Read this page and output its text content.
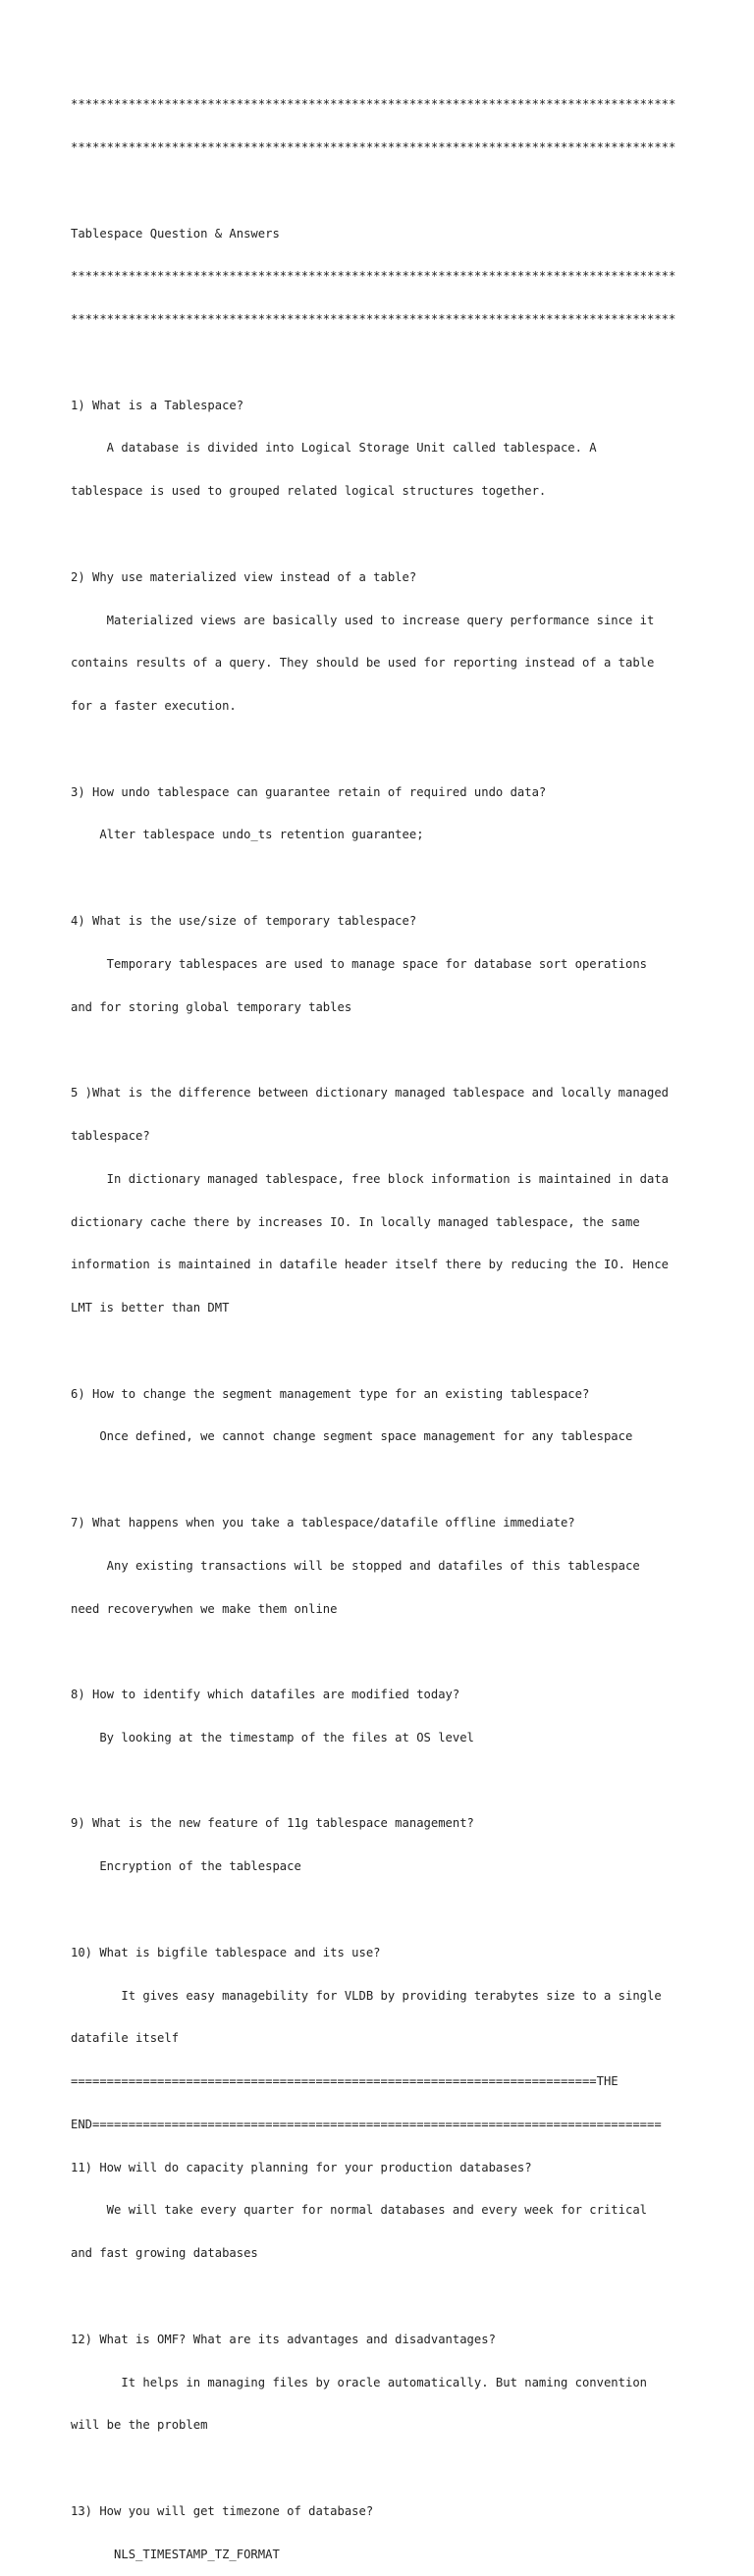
************************************************************************************

************************************************************************************

Tablespace Question & Answers

************************************************************************************

************************************************************************************

1) What is a Tablespace?

A database is divided into Logical Storage Unit called tablespace. A

tablespace is used to grouped related logical structures together.

2) Why use materialized view instead of a table?

Materialized views are basically used to increase query performance since it

contains results of a query. They should be used for reporting instead of a table

for a faster execution.

3) How undo tablespace can guarantee retain of required undo data?

Alter tablespace undo_ts retention guarantee;

4) What is the use/size of temporary tablespace?

Temporary tablespaces are used to manage space for database sort operations

and for storing global temporary tables

5 )What is the difference between dictionary managed tablespace and locally managed

tablespace?

In dictionary managed tablespace, free block information is maintained in data

dictionary cache there by increases IO. In locally managed tablespace, the same

information is maintained in datafile header itself there by reducing the IO. Hence

LMT is better than DMT

6) How to change the segment management type for an existing tablespace?

Once defined, we cannot change segment space management for any tablespace

7) What happens when you take a tablespace/datafile offline immediate?

Any existing transactions will be stopped and datafiles of this tablespace

need recoverywhen we make them online

8) How to identify which datafiles are modified today?

By looking at the timestamp of the files at OS level

9) What is the new feature of 11g tablespace management?

Encryption of the tablespace

10) What is bigfile tablespace and its use?

It gives easy managebility for VLDB by providing terabytes size to a single

datafile itself

=========================================================================THE

END===============================================================================

11) How will do capacity planning for your production databases?

We will take every quarter for normal databases and every week for critical

and fast growing databases

12) What is OMF? What are its advantages and disadvantages?

It helps in managing files by oracle automatically. But naming convention

will be the problem

13) How you will get timezone of database?

NLS_TIMESTAMP_TZ_FORMAT
